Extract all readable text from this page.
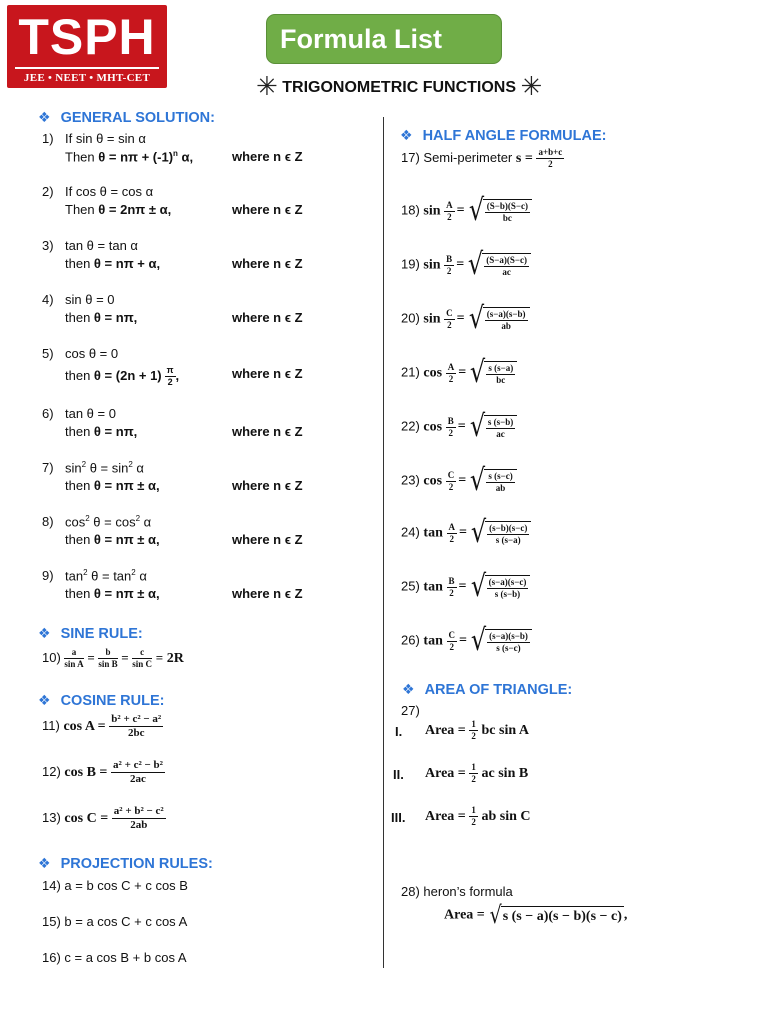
TSPH
JEE • NEET • MHT-CET
Formula List
✳ TRIGONOMETRIC FUNCTIONS ✳
❖ GENERAL SOLUTION:
1) If sin θ = sin α
Then $\theta = n\pi + (-1)^n$ α,	where n ϵ Z
2) If cos θ = cos α
Then θ = 2nπ ± α,	where n ϵ Z
3) tan θ = tan α
then θ = nπ + α,	where n ϵ Z
4) sin θ = 0
then θ = nπ,	where n ϵ Z
5) cos θ = 0
then $\theta = (2n + 1) \frac{\pi}{2}$ ,	where n ϵ Z
6) tan θ = 0
then θ = nπ,	where n ϵ Z
7) $\sin^2 \theta = \sin^2 \alpha$
then θ = nπ ± α,	where n ϵ Z
8) $\cos^2 \theta = \cos^2 \alpha$
then θ = nπ ± α,	where n ϵ Z
9) $\tan^2 \theta = \tan^2 \alpha$
then θ = nπ ± α,	where n ϵ Z
❖ SINE RULE:
$10) \frac{a}{\text{sin A}} = \frac{b}{\text{sin B}} = \frac{c}{\text{sin C}} = 2R$
❖ COSINE RULE:
11) $\cos A = \frac{\text{b² + c² − a²}}{2bc}$
12) $\cos B = \frac{\text{a² + c² − b²}}{2ac}$
13) $\cos C = \frac{\text{a² + b² − c²}}{2ab}$
❖ PROJECTION RULES:
14) a = b cos C + c cos B
15) b = a cos C + c cos A
16) c = a cos B + b cos A
❖ HALF ANGLE FORMULAE:
17) Semi-perimeter $s = \frac{a+b+c}{2}$
18) $\sin \frac{A}{2}$ = √ $\frac{(S-b)(S-c)}{bc}$
19) $\sin \frac{B}{2}$ = √ $\frac{(S-a)(S-c)}{ac}$
20) $\sin \frac{C}{2}$ = √ $\frac{(s-a)(s-b)}{ab}$
21) $\cos \frac{A}{2}$ = √ $\frac{s (s-a)}{bc}$
22) $\cos \frac{B}{2}$ = √ $\frac{s (s-b)}{ac}$
23) $\cos \frac{C}{2}$ = √ $\frac{s (s-c)}{ab}$
24) $\tan \frac{A}{2}$ = √ $\frac{(s-b)(s-c)}{s (s-a)}$
25) $\tan \frac{B}{2}$ = √ $\frac{(s-a)(s-c)}{s (s-b)}$
26) $\tan \frac{C}{2}$ = √ $\frac{(s-a)(s-b)}{s (s-c)}$
❖ AREA OF TRIANGLE:
27)
I. Area = $\frac{1}{2}$ bc sin A
II. Area = $\frac{1}{2}$ ac sin B
III. Area = $\frac{1}{2}$ ab sin C
28) heron’s formula
Area = √s (s − a)(s − b)(s − c) ,
